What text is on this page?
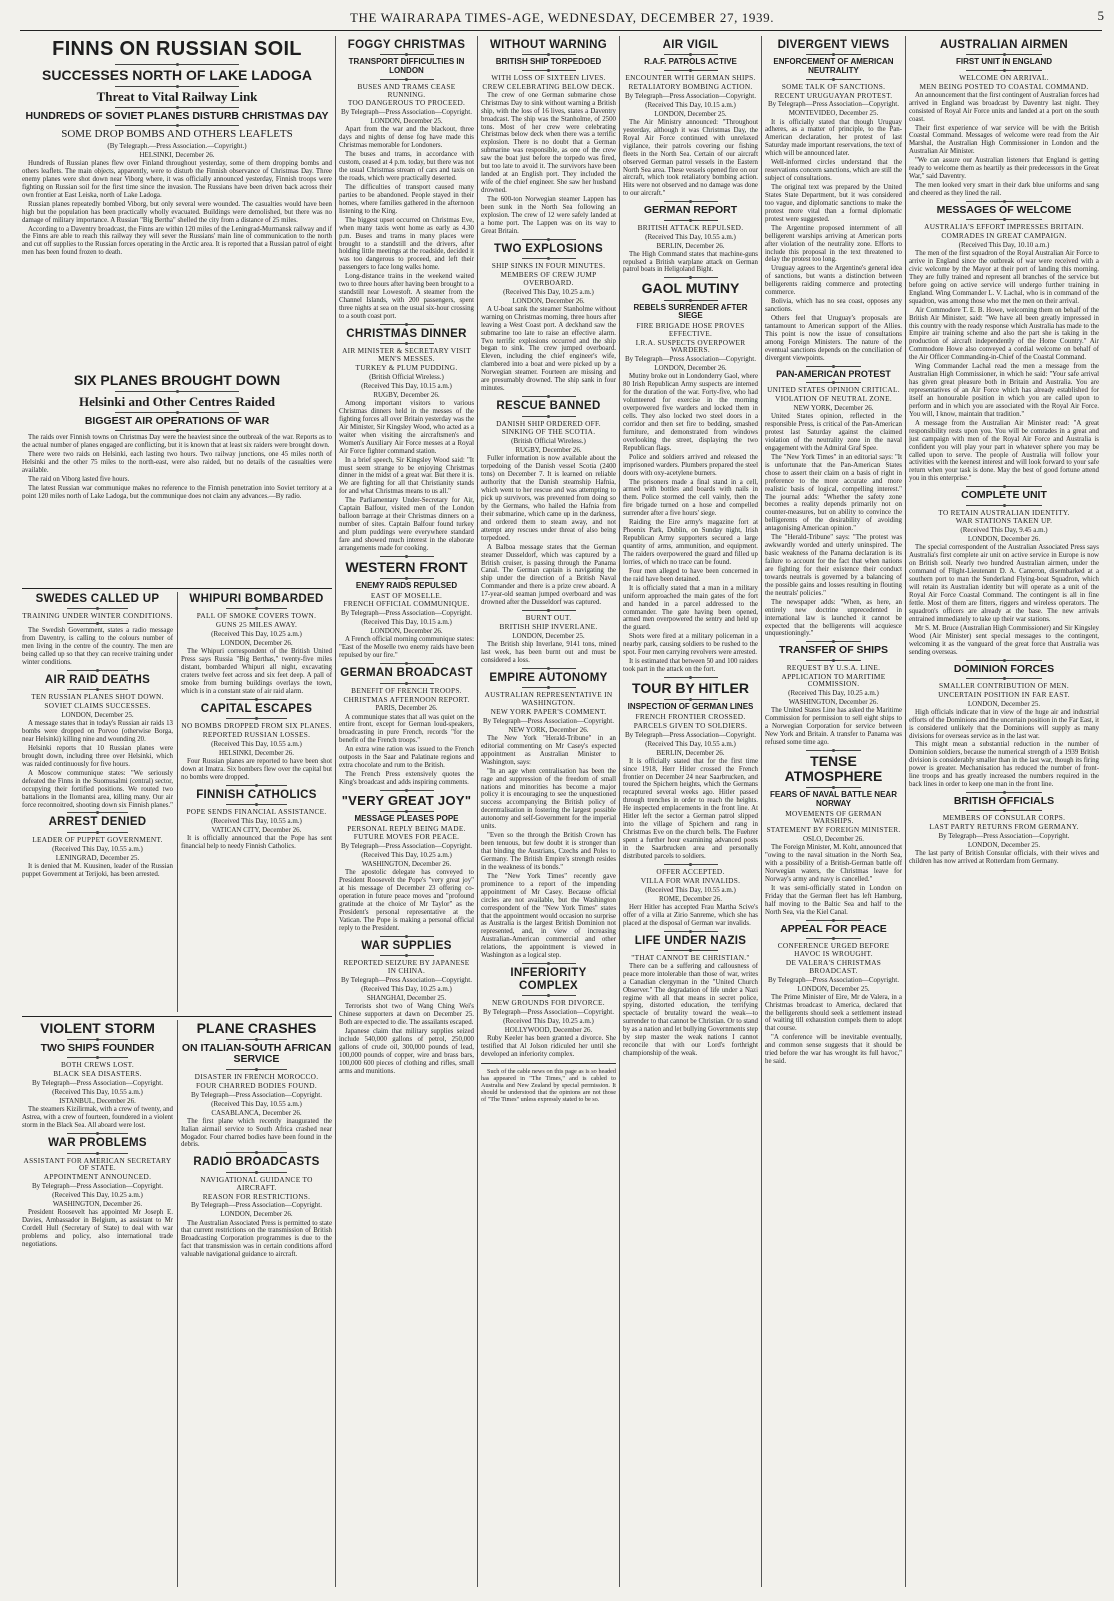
THE WAIRARAPA TIMES-AGE, WEDNESDAY, DECEMBER 27, 1939.	5
FINNS ON RUSSIAN SOIL
SUCCESSES NORTH OF LAKE LADOGA
Threat to Vital Railway Link
HUNDREDS OF SOVIET PLANES DISTURB CHRISTMAS DAY
SOME DROP BOMBS AND OTHERS LEAFLETS
(By Telegraph.—Press Association.—Copyright.)
HELSINKI, December 26.

Hundreds of Russian planes flew over Finland throughout yesterday, some of them dropping bombs and others leaflets. The main objects, apparently, were to disturb the Finnish observance of Christmas Day. Three enemy planes were shot down near Viborg where, it was officially announced yesterday, Finnish troops were fighting on Russian soil for the first time since the invasion. The Russians have been driven back across their own frontier at East Leiska, north of Lake Ladoga.

Russian planes repeatedly bombed Viborg, but only several were wounded. The casualties would have been high but the population has been practically wholly evacuated. Buildings were demolished, but there was no damage of military importance. A Russian "Big Bertha" shelled the city from a distance of 25 miles.

According to a Daventry broadcast, the Finns are within 120 miles of the Leningrad-Murmansk railway and if the Finns are able to reach this railway they will sever the Russians' main line of communication to the north and cut off supplies to the Russian forces operating in the Arctic area. It is reported that a Russian patrol of eight men has been found frozen to death.

SIX PLANES BROUGHT DOWN
Helsinki and Other Centres Raided
BIGGEST AIR OPERATIONS OF WAR

The raids over Finnish towns on Christmas Day were the heaviest since the outbreak of the war. Reports as to the actual number of planes engaged are conflicting, but it is known that at least six raiders were brought down.

There were two raids on Helsinki, each lasting two hours. Two railway junctions, one 45 miles north of Helsinki and the other 75 miles to the north-east, were also raided, but no details of the casualties were available.

The raid on Viborg lasted five hours.

The latest Russian war communique makes no reference to the Finnish penetration into Soviet territory at a point 120 miles north of Lake Ladoga, but the communique does not claim any advances.—By radio.

SWEDES CALLED UP
TRAINING UNDER WINTER CONDITIONS.

The Swedish Government, states a radio message from Daventry, is calling to the colours number of men living in the centre of the country. The men are being called up so that they can receive training under winter conditions.

AIR RAID DEATHS
TEN RUSSIAN PLANES SHOT DOWN.
SOVIET CLAIMS SUCCESSES.
LONDON, December 25.

A message states that in today's Russian air raids 13 bombs were dropped on Porvoo (otherwise Borga, near Helsinki) killing nine and wounding 20.

Helsinki reports that 10 Russian planes were brought down, including three over Helsinki, which was raided continuously for five hours.

A Moscow communique states: "We seriously defeated the Finns in the Suomusalmi (central) sector, occupying their fortified positions. We routed two battalions in the Ilomantsi area, killing many. Our air force reconnoitred, shooting down six Finnish planes."

ARREST DENIED
LEADER OF PUPPET GOVERNMENT.
(Received This Day, 10.55 a.m.)
LENINGRAD, December 25.

It is denied that M. Kuusinen, leader of the Russian puppet Government at Terijoki, has been arrested.

WHIPURI BOMBARDED
PALL OF SMOKE COVERS TOWN.
GUNS 25 MILES AWAY.
(Received This Day, 10.25 a.m.)
LONDON, December 26.

The Whipuri correspondent of the British United Press says Russia "Big Berthas," twenty-five miles distant, bombarded Whipuri all night, excavating craters twelve feet across and six feet deep. A pall of smoke from burning buildings overlays the town, which is in a constant state of air raid alarm.

CAPITAL ESCAPES
NO BOMBS DROPPED FROM SIX PLANES.
REPORTED RUSSIAN LOSSES.
(Received This Day, 10.55 a.m.)
HELSINKI, December 26.

Four Russian planes are reported to have been shot down at Imatra. Six bombers flew over the capital but no bombs were dropped.

FINNISH CATHOLICS
POPE SENDS FINANCIAL ASSISTANCE.
(Received This Day, 10.55 a.m.)
VATICAN CITY, December 26.

It is officially announced that the Pope has sent financial help to needy Finnish Catholics.

VIOLENT STORM
TWO SHIPS FOUNDER
BOTH CREWS LOST.
BLACK SEA DISASTERS.
By Telegraph—Press Association—Copyright.
(Received This Day, 10.55 a.m.)
ISTANBUL, December 26.

The steamers Kizilirmak, with a crew of twenty, and Astrea, with a crew of fourteen, foundered in a violent storm in the Black Sea. All aboard were lost.

WAR PROBLEMS
ASSISTANT FOR AMERICAN SECRETARY OF STATE.
APPOINTMENT ANNOUNCED.
By Telegraph—Press Association—Copyright.
(Received This Day, 10.25 a.m.)
WASHINGTON, December 26.

President Roosevelt has appointed Mr Joseph E. Davies, Ambassador in Belgium, as assistant to Mr Cordell Hull (Secretary of State) to deal with war problems and policy, also international trade negotiations.

PLANE CRASHES
ON ITALIAN-SOUTH AFRICAN SERVICE
DISASTER IN FRENCH MOROCCO.
FOUR CHARRED BODIES FOUND.
By Telegraph—Press Association—Copyright.
(Received This Day, 10.55 a.m.)
CASABLANCA, December 26.

The first plane which recently inaugurated the Italian airmail service to South Africa crashed near Mogador. Four charred bodies have been found in the debris.

RADIO BROADCASTS
NAVIGATIONAL GUIDANCE TO AIRCRAFT.
REASON FOR RESTRICTIONS.
By Telegraph—Press Association—Copyright.
LONDON, December 26.

The Australian Associated Press is permitted to state that current restrictions on the transmission of British Broadcasting Corporation programmes is due to the fact that transmission was in certain conditions afford valuable navigational guidance to aircraft.

FOGGY CHRISTMAS
TRANSPORT DIFFICULTIES IN LONDON
BUSES AND TRAMS CEASE RUNNING.
TOO DANGEROUS TO PROCEED.
By Telegraph—Press Association—Copyright.
LONDON, December 25.

Apart from the war and the blackout, three days and nights of dense fog have made this Christmas memorable for Londoners.

The buses and trams, in accordance with custom, ceased at 4 p.m. today, but there was not the usual Christmas stream of cars and taxis on the roads, which were practically deserted.

The difficulties of transport caused many parties to be abandoned. People stayed in their homes, where families gathered in the afternoon listening to the King.

The biggest upset occurred on Christmas Eve, when many taxis went home as early as 4.30 p.m. Buses and trams in many places were brought to a standstill and the drivers, after holding little meetings at the roadside, decided it was too dangerous to proceed, and left their passengers to face long walks home.

Long-distance trains in the weekend waited two to three hours after having been brought to a standstill near Lowestoft. A steamer from the Channel Islands, with 200 passengers, spent three nights at sea on the usual six-hour crossing to a south coast port.

CHRISTMAS DINNER
AIR MINISTER & SECRETARY VISIT MEN'S MESSES.
TURKEY & PLUM PUDDING.
(British Official Wireless.)
(Received This Day, 10.15 a.m.)
RUGBY, December 26.

Among important visitors to various Christmas dinners held in the messes of the fighting forces all over Britain yesterday was the Air Minister, Sir Kingsley Wood, who acted as a waiter when visiting the aircraftsmen's and Women's Auxiliary Air Force messes at a Royal Air Force fighter command station.

In a brief speech, Sir Kingsley Wood said: "It must seem strange to be enjoying Christmas dinner in the midst of a great war. But there it is. We are fighting for all that Christianity stands for and what Christmas means to us all."

The Parliamentary Under-Secretary for Air, Captain Balfour, visited men of the London balloon barrage at their Christmas dinners on a number of sites. Captain Balfour found turkey and plum puddings were everywhere standard fare and showed much interest in the elaborate arrangements made for cooking.

WESTERN FRONT
ENEMY RAIDS REPULSED
EAST OF MOSELLE.
FRENCH OFFICIAL COMMUNIQUE.
By Telegraph—Press Association—Copyright.
(Received This Day, 10.15 a.m.)
LONDON, December 26.

A French official morning communique states: "East of the Moselle two enemy raids have been repulsed by our fire."

GERMAN BROADCAST
BENEFIT OF FRENCH TROOPS.
CHRISTMAS AFTERNOON REPORT.
PARIS, December 26.

A communique states that all was quiet on the entire front, except for German loud-speakers, broadcasting in pure French, records "for the benefit of the French troops."

An extra wine ration was issued to the French outposts in the Saar and Palatinate regions and extra chocolate and rum to the British.

The French Press extensively quotes the King's broadcast and adds inspiring comments.

"VERY GREAT JOY"
MESSAGE PLEASES POPE
PERSONAL REPLY BEING MADE.
FUTURE MOVES FOR PEACE.
By Telegraph—Press Association—Copyright.
(Received This Day, 10.25 a.m.)
WASHINGTON, December 26.

The apostolic delegate has conveyed to President Roosevelt the Pope's "very great joy" at his message of December 23 offering co-operation in future peace moves and "profound gratitude at the choice of Mr Taylor" as the President's personal representative at the Vatican. The Pope is making a personal official reply to the President.

WAR SUPPLIES
REPORTED SEIZURE BY JAPANESE IN CHINA.
By Telegraph—Press Association—Copyright.
(Received This Day, 10.25 a.m.)
SHANGHAI, December 25.

Terrorists shot two of Wang Ching Wei's Chinese supporters at dawn on December 25. Both are expected to die. The assailants escaped.

Japanese claim that military supplies seized include 540,000 gallons of petrol, 250,000 gallons of crude oil, 300,000 pounds of lead, 100,000 pounds of copper, wire and brass bars, 100,000 600 pieces of clothing and rifles, small arms and munitions.

WITHOUT WARNING
BRITISH SHIP TORPEDOED
WITH LOSS OF SIXTEEN LIVES.
CREW CELEBRATING BELOW DECK.

The crew of one German submarine chose Christmas Day to sink without warning a British ship, with the loss of 16 lives, states a Daventry broadcast. The ship was the Stanholme, of 2500 tons. Most of her crew were celebrating Christmas below deck when there was a terrific explosion. There is no doubt that a German submarine was responsible, as one of the crew saw the boat just before the torpedo was fired, but too late to avoid it. The survivors have been landed at an English port. They included the wife of the chief engineer. She saw her husband drowned.

The 600-ton Norwegian steamer Lappen has been sunk in the North Sea following an explosion. The crew of 12 were safely landed at a home port. The Lappen was on its way to Great Britain.

TWO EXPLOSIONS
SHIP SINKS IN FOUR MINUTES.
MEMBERS OF CREW JUMP OVERBOARD.
(Received This Day, 10.25 a.m.)
LONDON, December 26.

A U-boat sank the steamer Stanholme without warning on Christmas morning, three hours after leaving a West Coast port. A deckhand saw the submarine too late to raise an effective alarm. Two terrific explosions occurred and the ship began to sink. The crew jumped overboard. Eleven, including the chief engineer's wife, clambered into a boat and were picked up by a Norwegian steamer. Fourteen are missing and are presumably drowned. The ship sank in four minutes.

RESCUE BANNED
DANISH SHIP ORDERED OFF.
SINKING OF THE SCOTIA.
(British Official Wireless.)
RUGBY, December 26.

Fuller information is now available about the torpedoing of the Danish vessel Scotia (2400 tons) on December 7. It is learned on reliable authority that the Danish steamship Hafnia, which went to her rescue and was attempting to pick up survivors, was prevented from doing so by the Germans, who hailed the Hafnia from their submarine, which came up in the darkness, and ordered them to steam away, and not attempt any rescues under threat of also being torpedoed.

A Balboa message states that the German steamer Dusseldorf, which was captured by a British cruiser, is passing through the Panama Canal. The German captain is navigating the ship under the direction of a British Naval Commander and there is a prize crew aboard. A 17-year-old seaman jumped overboard and was drowned after the Dusseldorf was captured.

BURNT OUT.
BRITISH SHIP INVERLANE.
LONDON, December 25.

The British ship Inverlane, 9141 tons, mined last week, has been burnt out and must be considered a loss.

EMPIRE AUTONOMY
AUSTRALIAN REPRESENTATIVE IN WASHINGTON.
NEW YORK PAPER'S COMMENT.
By Telegraph—Press Association—Copyright.
NEW YORK, December 26.

The New York "Herald-Tribune" in an editorial commenting on Mr Casey's expected appointment as Australian Minister to Washington, says:

"In an age when centralisation has been the rage and suppression of the freedom of small nations and minorities has become a major policy it is encouraging to see the unquestioned success accompanying the British policy of decentralisation in fostering the largest possible autonomy and self-Government for the imperial units.

"Even so the through the British Crown has been tenuous, but few doubt it is stronger than that binding the Austrians, Czechs and Poles to Germany. The British Empire's strength resides in the weakness of its bonds."

The "New York Times" recently gave prominence to a report of the impending appointment of Mr Casey. Because official circles are not available, but the Washington correspondent of the "New York Times" states that the appointment would occasion no surprise as Australia is the largest British Dominion not represented, and, in view of increasing Australian-American commercial and other relations, the appointment is viewed in Washington as a logical step.

INFERIORITY COMPLEX
NEW GROUNDS FOR DIVORCE.
By Telegraph—Press Association—Copyright.
(Received This Day, 10.25 a.m.)
HOLLYWOOD, December 26.

Ruby Keeler has been granted a divorce. She testified that Al Jolson ridiculed her until she developed an inferiority complex.

Such of the cable news on this page as is so headed has appeared in "The Times," and is cabled to Australia and New Zealand by special permission. It should be understood that the opinions are not those of "The Times" unless expressly stated to be so.

AIR VIGIL
R.A.F. PATROLS ACTIVE
ENCOUNTER WITH GERMAN SHIPS.
RETALIATORY BOMBING ACTION.
By Telegraph—Press Association—Copyright.
(Received This Day, 10.15 a.m.)
LONDON, December 25.

The Air Ministry announced: "Throughout yesterday, although it was Christmas Day, the Royal Air Force continued with unrelaxed vigilance, their patrols covering our fishing fleets in the North Sea. Certain of our aircraft observed German patrol vessels in the Eastern North Sea area. These vessels opened fire on our aircraft, which took retaliatory bombing action. Hits were not observed and no damage was done to our aircraft."

GERMAN REPORT
BRITISH ATTACK REPULSED.
(Received This Day, 10.55 a.m.)
BERLIN, December 26.

The High Command states that machine-guns repulsed a British warplane attack on German patrol boats in Heligoland Bight.

GAOL MUTINY
REBELS SURRENDER AFTER SIEGE
FIRE BRIGADE HOSE PROVES EFFECTIVE.
I.R.A. SUSPECTS OVERPOWER WARDERS.
By Telegraph—Press Association—Copyright.
LONDON, December 26.

Mutiny broke out in Londonderry Gaol, where 80 Irish Republican Army suspects are interned for the duration of the war. Forty-five, who had volunteered for exercise in the morning overpowered five warders and locked them in cells. They also locked two steel doors in a corridor and then set fire to bedding, smashed furniture, and demonstrated from windows overlooking the street, displaying the two Republican flags.

Police and soldiers arrived and released the imprisoned warders. Plumbers prepared the steel doors with oxy-acetylene burners.

The prisoners made a final stand in a cell, armed with bottles and boards with nails in them. Police stormed the cell vainly, then the fire brigade turned on a hose and compelled surrender after a five hours' siege.

Raiding the Eire army's magazine fort at Phoenix Park, Dublin, on Sunday night, Irish Republican Army supporters secured a large quantity of arms, ammunition, and equipment. The raiders overpowered the guard and filled up lorries, of which no trace can be found.

Four men alleged to have been concerned in the raid have been detained.

It is officially stated that a man in a military uniform approached the main gates of the fort and handed in a parcel addressed to the commander. The gate having been opened, armed men overpowered the sentry and held up the guard.

Shots were fired at a military policeman in a nearby park, causing soldiers to be rushed to the spot. Four men carrying revolvers were arrested.

It is estimated that between 50 and 100 raiders took part in the attack on the fort.

TOUR BY HITLER
INSPECTION OF GERMAN LINES
FRENCH FRONTIER CROSSED.
PARCELS GIVEN TO SOLDIERS.
By Telegraph—Press Association—Copyright.
(Received This Day, 10.55 a.m.)
BERLIN, December 26.

It is officially stated that for the first time since 1918, Herr Hitler crossed the French frontier on December 24 near Saarbrucken, and toured the Spichern heights, which the Germans recaptured several weeks ago. Hitler passed through trenches in order to reach the heights. He inspected emplacements in the front line. At Hitler left the sector a German patrol slipped into the village of Spichern and rang in Christmas Eve on the church bells. The Fuehrer spent a further hour examining advanced posts in the Saarbrucken area and personally distributed parcels to soldiers.

OFFER ACCEPTED.
VILLA FOR WAR INVALIDS.
(Received This Day, 10.55 a.m.)
ROME, December 26.

Herr Hitler has accepted Frau Martha Scive's offer of a villa at Zirio Sanreme, which she has placed at the disposal of German war invalids.

LIFE UNDER NAZIS
"THAT CANNOT BE CHRISTIAN."

There can be a suffering and callousness of peace more intolerable than those of war, writes a Canadian clergyman in the "United Church Observer." The degradation of life under a Nazi regime with all that means in secret police, spying, distorted education, the terrifying spectacle of brutality toward the weak—to surrender to that cannot be Christian. Or to stand by as a nation and let bullying Governments step by step master the weak nations I cannot reconcile that with our Lord's forthright championship of the weak.

DIVERGENT VIEWS
ENFORCEMENT OF AMERICAN NEUTRALITY
SOME TALK OF SANCTIONS.
RECENT URUGUAYAN PROTEST.
By Telegraph—Press Association—Copyright.
MONTEVIDEO, December 25.

It is officially stated that though Uruguay adheres, as a matter of principle, to the Pan-American declaration, her protest of last Saturday made important reservations, the text of which will be announced later.

Well-informed circles understand that the reservations concern sanctions, which are still the subject of consultations.

The original text was prepared by the United States State Department, but it was considered too vague, and diplomatic sanctions to make the protest more vital than a formal diplomatic protest were suggested.

The Argentine proposed internment of all belligerent warships arriving at American ports after violation of the neutrality zone. Efforts to include this proposal in the text threatened to delay the protest too long.

Uruguay agrees to the Argentine's general idea of sanctions, but wants a distinction between belligerents raiding commerce and protecting commerce.

Bolivia, which has no sea coast, opposes any sanctions.

Others feel that Uruguay's proposals are tantamount to American support of the Allies. This point is now the issue of consultations among Foreign Ministers. The nature of the eventual sanctions depends on the conciliation of divergent viewpoints.

PAN-AMERICAN PROTEST
UNITED STATES OPINION CRITICAL.
VIOLATION OF NEUTRAL ZONE.
NEW YORK, December 26.

United States opinion, reflected in the responsible Press, is critical of the Pan-American protest last Saturday against the claimed violation of the neutrality zone in the naval engagement with the Admiral Graf Spee.

The "New York Times" in an editorial says: "It is unfortunate that the Pan-American States chose to assert their claim on a basis of right in preference to the more accurate and more realistic basis of logical, compelling interest." The journal adds: "Whether the safety zone becomes a reality depends primarily not on counter-measures, but on ability to convince the belligerents of the desirability of avoiding antagonising American opinion."

The "Herald-Tribune" says: "The protest was awkwardly worded and utterly uninspired. The basic weakness of the Panama declaration is its failure to account for the fact that when nations are fighting for their existence their conduct towards neutrals is governed by a balancing of the possible gains and losses resulting in flouting the neutrals' policies."

The newspaper adds: "When, as here, an entirely new doctrine unprecedented in international law is launched it cannot be expected that the belligerents will acquiesce unquestioningly."

TRANSFER OF SHIPS
REQUEST BY U.S.A. LINE.
APPLICATION TO MARITIME COMMISSION.
(Received This Day, 10.25 a.m.)
WASHINGTON, December 26.

The United States Line has asked the Maritime Commission for permission to sell eight ships to a Norwegian Corporation for service between New York and Britain. A transfer to Panama was refused some time ago.

TENSE ATMOSPHERE
FEARS OF NAVAL BATTLE NEAR NORWAY
MOVEMENTS OF GERMAN WARSHIPS.
STATEMENT BY FOREIGN MINISTER.
OSLO, December 26.

The Foreign Minister, M. Koht, announced that "owing to the naval situation in the North Sea, with a possibility of a British-German battle off Norwegian waters, the Christmas leave for Norway's army and navy is cancelled."

It was semi-officially stated in London on Friday that the German fleet has left Hamburg, half moving to the Baltic Sea and half to the North Sea, via the Kiel Canal.

APPEAL FOR PEACE
CONFERENCE URGED BEFORE HAVOC IS WROUGHT.
DE VALERA'S CHRISTMAS BROADCAST.
By Telegraph—Press Association—Copyright.
LONDON, December 25.

The Prime Minister of Eire, Mr de Valera, in a Christmas broadcast to America, declared that the belligerents should seek a settlement instead of waiting till exhaustion compels them to adopt that course.

"A conference will be inevitable eventually, and common sense suggests that it should be tried before the war has wrought its full havoc," he said.

AUSTRALIAN AIRMEN
FIRST UNIT IN ENGLAND
WELCOME ON ARRIVAL.
MEN BEING POSTED TO COASTAL COMMAND.

An announcement that the first contingent of Australian forces had arrived in England was broadcast by Daventry last night. They consisted of Royal Air Force units and landed at a port on the south coast.

Their first experience of war service will be with the British Coastal Command. Messages of welcome were read from the Air Marshal, the Australian High Commissioner in London and the Australian Air Minister.

"We can assure our Australian listeners that England is getting ready to welcome them as heartily as their predecessors in the Great War," said Daventry.

The men looked very smart in their dark blue uniforms and sang and cheered as they lined the rail.

MESSAGES OF WELCOME
AUSTRALIA'S EFFORT IMPRESSES BRITAIN.
COMRADES IN GREAT CAMPAIGN.
(Received This Day, 10.10 a.m.)

The men of the first squadron of the Royal Australian Air Force to arrive in England since the outbreak of war were received with a civic welcome by the Mayor at their port of landing this morning. They are fully trained and represent all branches of the service but before going on active service will undergo further training in England. Wing Commander L. V. Lachal, who is in command of the squadron, was among those who met the men on their arrival.

Air Commodore T. E. B. Howe, welcoming them on behalf of the British Air Minister, said: "We have all been greatly impressed in this country with the ready response which Australia has made to the Empire air training scheme and also the part she is taking in the production of aircraft independently of the Home Country." Air Commodore Howe also conveyed a cordial welcome on behalf of the Air Officer Commanding-in-Chief of the Coastal Command.

Wing Commander Lachal read the men a message from the Australian High Commissioner, in which he said: "Your safe arrival has given great pleasure both in Britain and Australia. You are representatives of an Air Force which has already established for itself an honourable position in which you are called upon to perform and in which you are associated with the Royal Air Force. You will, I know, maintain that tradition."

A message from the Australian Air Minister read: "A great responsibility rests upon you. You will be comrades in a great and just campaign with men of the Royal Air Force and Australia is confident you will play your part in whatever sphere you may be called upon to serve. The people of Australia will follow your activities with the keenest interest and will look forward to your safe return when your task is done. May the best of good fortune attend you in this enterprise."

COMPLETE UNIT
TO RETAIN AUSTRALIAN IDENTITY.
WAR STATIONS TAKEN UP.
(Received This Day, 9.45 a.m.)
LONDON, December 26.

The special correspondent of the Australian Associated Press says Australia's first complete air unit on active service in Europe is now on British soil. Nearly two hundred Australian airmen, under the command of Flight-Lieutenant D. A. Cameron, disembarked at a southern port to man the Sunderland Flying-boat Squadron, which will retain its Australian identity but will operate as a unit of the Royal Air Force Coastal Command. The contingent is all in fine fettle. Most of them are fitters, riggers and wireless operators. The squadron's officers are already at the base. The new arrivals entrained immediately to take up their war stations.

Mr S. M. Bruce (Australian High Commissioner) and Sir Kingsley Wood (Air Minister) sent special messages to the contingent, welcoming it as the vanguard of the great force that Australia was sending overseas.

DOMINION FORCES
SMALLER CONTRIBUTION OF MEN.
UNCERTAIN POSITION IN FAR EAST.
LONDON, December 25.

High officials indicate that in view of the huge air and industrial efforts of the Dominions and the uncertain position in the Far East, it is considered unlikely that the Dominions will supply as many divisions for overseas service as in the last war.

This might mean a substantial reduction in the number of Dominion soldiers, because the numerical strength of a 1939 British division is considerably smaller than in the last war, though its firing power is greater. Mechanisation has reduced the number of front-line troops and has greatly increased the numbers required in the back lines in order to keep one man in the front line.

BRITISH OFFICIALS
MEMBERS OF CONSULAR CORPS.
LAST PARTY RETURNS FROM GERMANY.
By Telegraph—Press Association—Copyright.
LONDON, December 25.

The last party of British Consular officials, with their wives and children has now arrived at Rotterdam from Germany.
